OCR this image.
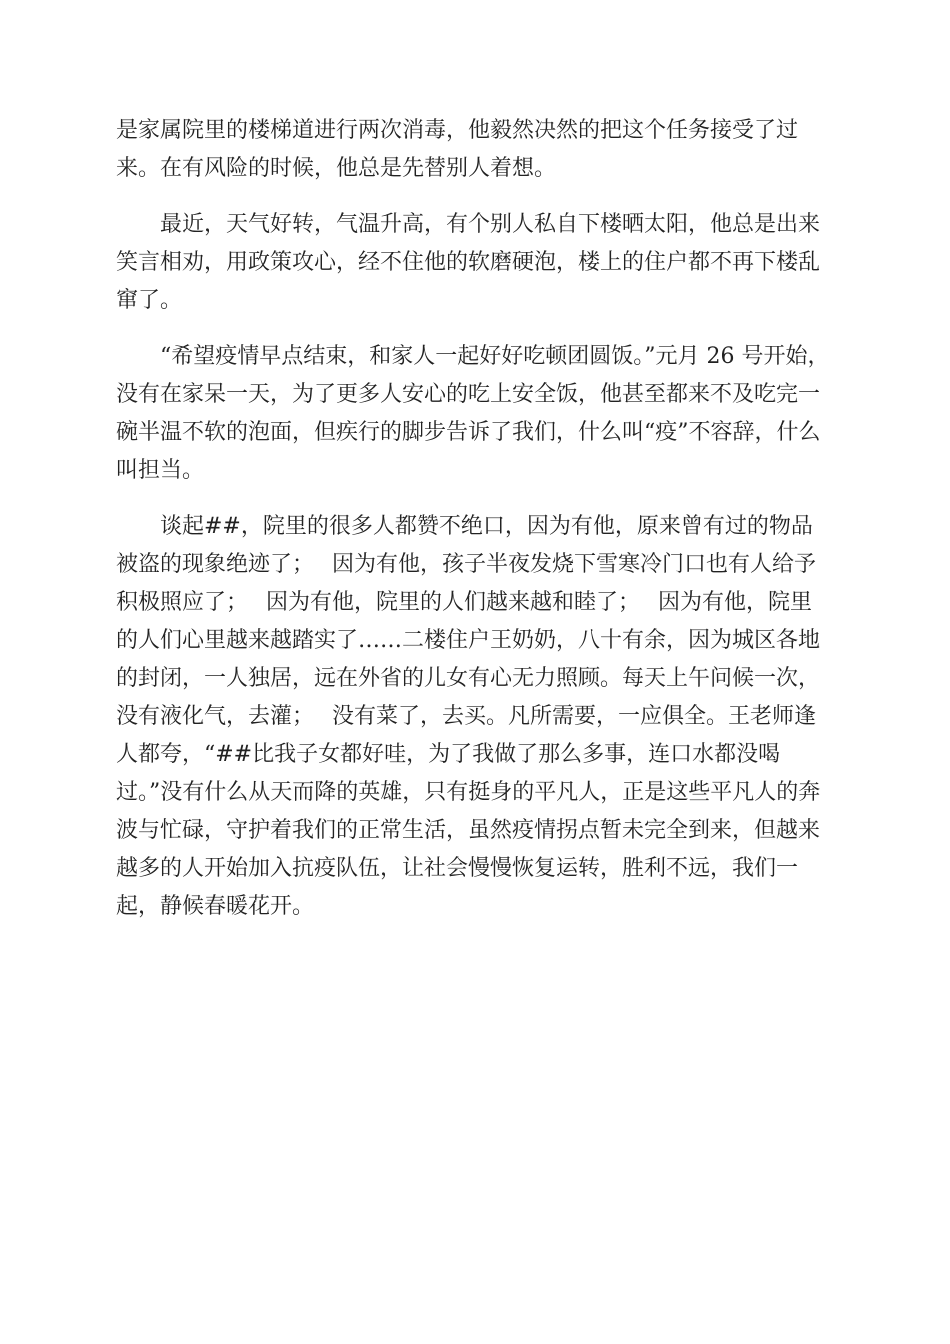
是家属院里的楼梯道进行两次消毒，他毅然决然的把这个任务接受了过来。在有风险的时候，他总是先替别人着想。

最近，天气好转，气温升高，有个别人私自下楼晒太阳，他总是出来笑言相劝，用政策攻心，经不住他的软磨硬泡，楼上的住户都不再下楼乱窜了。

“希望疫情早点结束，和家人一起好好吃顿团圆饭。”元月 26 号开始，没有在家呆一天，为了更多人安心的吃上安全饭，他甚至都来不及吃完一碗半温不软的泡面，但疾行的脚步告诉了我们，什么叫“疫”不容辞，什么叫担当。

谈起##，院里的很多人都赞不绝口，因为有他，原来曾有过的物品被盗的现象绝迹了；　 因为有他，孩子半夜发烧下雪寒冷门口也有人给予积极照应了；　 因为有他，院里的人们越来越和睦了；　 因为有他，院里的人们心里越来越踏实了……二楼住户王奶奶，八十有余，因为城区各地的封闭，一人独居，远在外省的儿女有心无力照顾。每天上午问候一次，没有液化气，去灌；　 没有菜了，去买。凡所需要，一应俱全。王老师逢人都夸，“##比我子女都好哇，为了我做了那么多事，连口水都没喝过。”没有什么从天而降的英雄，只有挺身的平凡人，正是这些平凡人的奔波与忙碌，守护着我们的正常生活，虽然疫情拐点暂未完全到来，但越来越多的人开始加入抗疫队伍，让社会慢慢恢复运转，胜利不远，我们一起，静候春暖花开。
